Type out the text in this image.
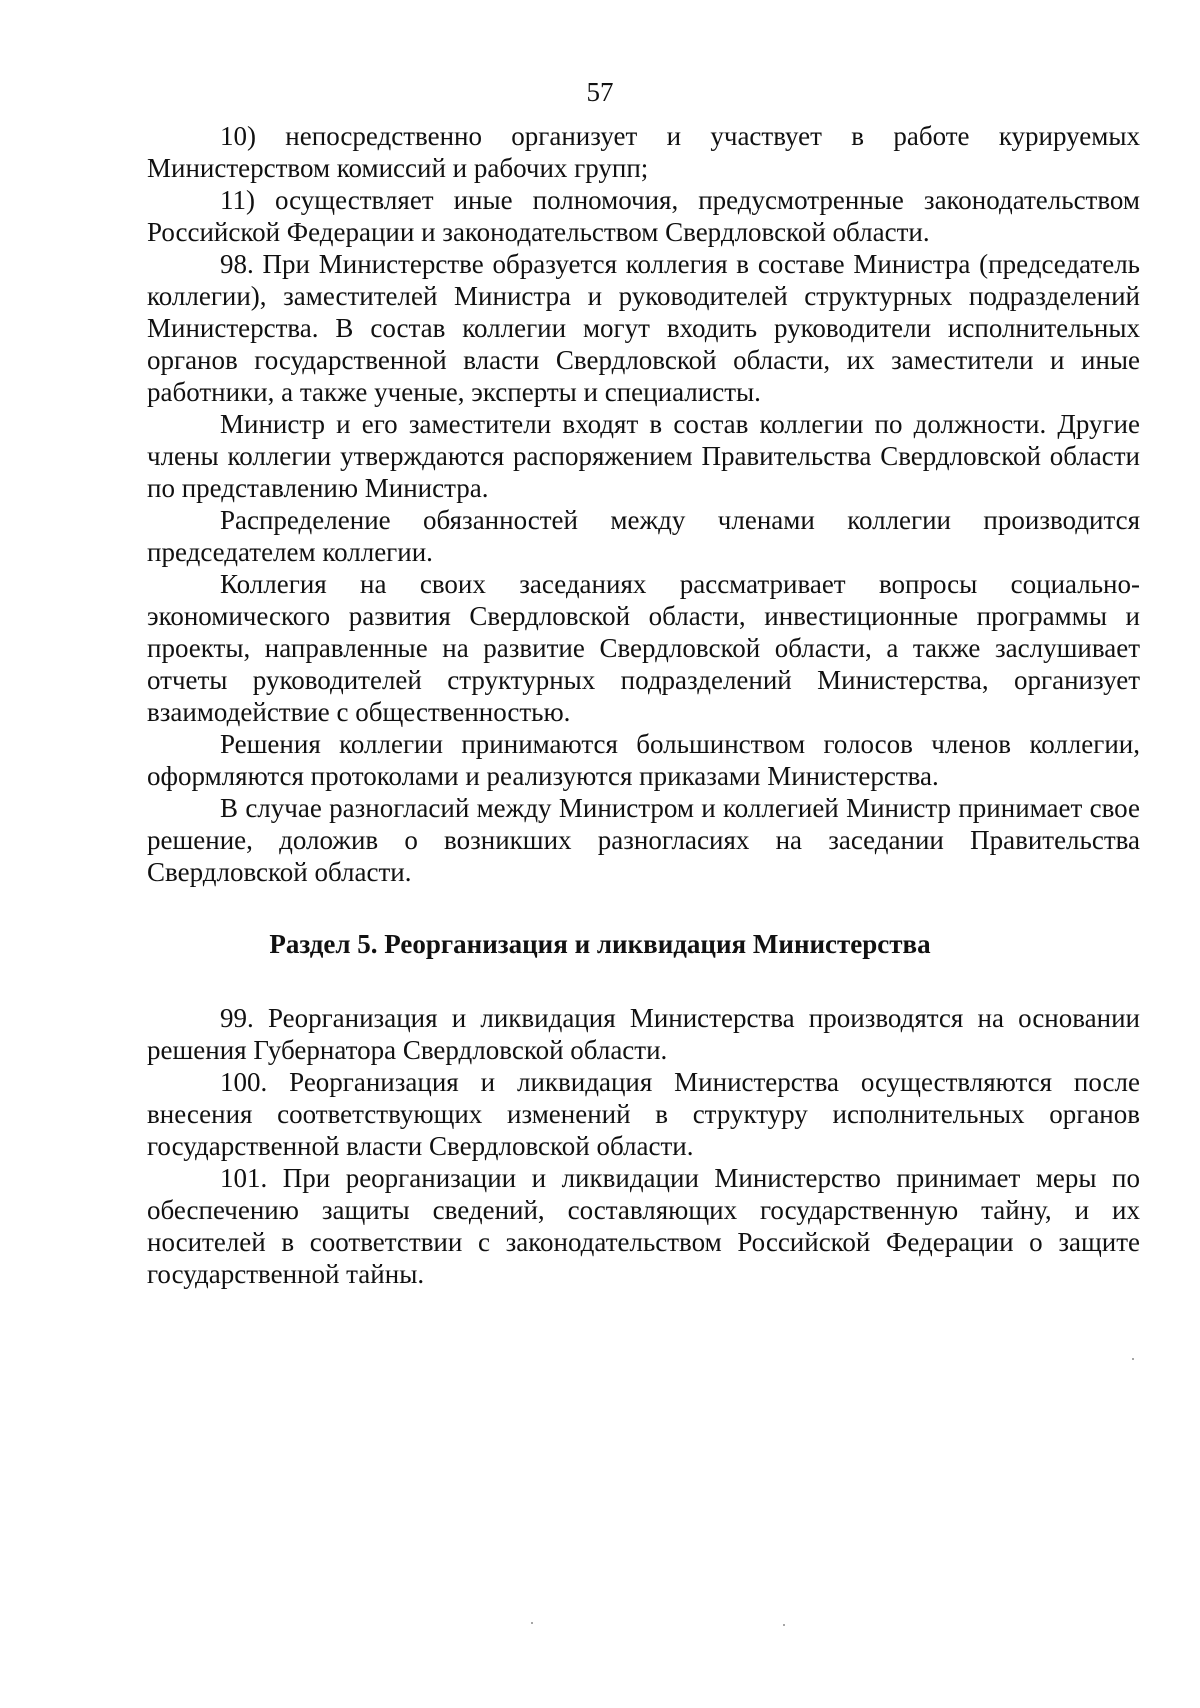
57

10) непосредственно организует и участвует в работе курируемых Министерством комиссий и рабочих групп;

11) осуществляет иные полномочия, предусмотренные законодательством Российской Федерации и законодательством Свердловской области.

98. При Министерстве образуется коллегия в составе Министра (председатель коллегии), заместителей Министра и руководителей структурных подразделений Министерства. В состав коллегии могут входить руководители исполнительных органов государственной власти Свердловской области, их заместители и иные работники, а также ученые, эксперты и специалисты.

Министр и его заместители входят в состав коллегии по должности. Другие члены коллегии утверждаются распоряжением Правительства Свердловской области по представлению Министра.

Распределение обязанностей между членами коллегии производится председателем коллегии.

Коллегия на своих заседаниях рассматривает вопросы социально-экономического развития Свердловской области, инвестиционные программы и проекты, направленные на развитие Свердловской области, а также заслушивает отчеты руководителей структурных подразделений Министерства, организует взаимодействие с общественностью.

Решения коллегии принимаются большинством голосов членов коллегии, оформляются протоколами и реализуются приказами Министерства.

В случае разногласий между Министром и коллегией Министр принимает свое решение, доложив о возникших разногласиях на заседании Правительства Свердловской области.

Раздел 5. Реорганизация и ликвидация Министерства

99. Реорганизация и ликвидация Министерства производятся на основании решения Губернатора Свердловской области.

100. Реорганизация и ликвидация Министерства осуществляются после внесения соответствующих изменений в структуру исполнительных органов государственной власти Свердловской области.

101. При реорганизации и ликвидации Министерство принимает меры по обеспечению защиты сведений, составляющих государственную тайну, и их носителей в соответствии с законодательством Российской Федерации о защите государственной тайны.
